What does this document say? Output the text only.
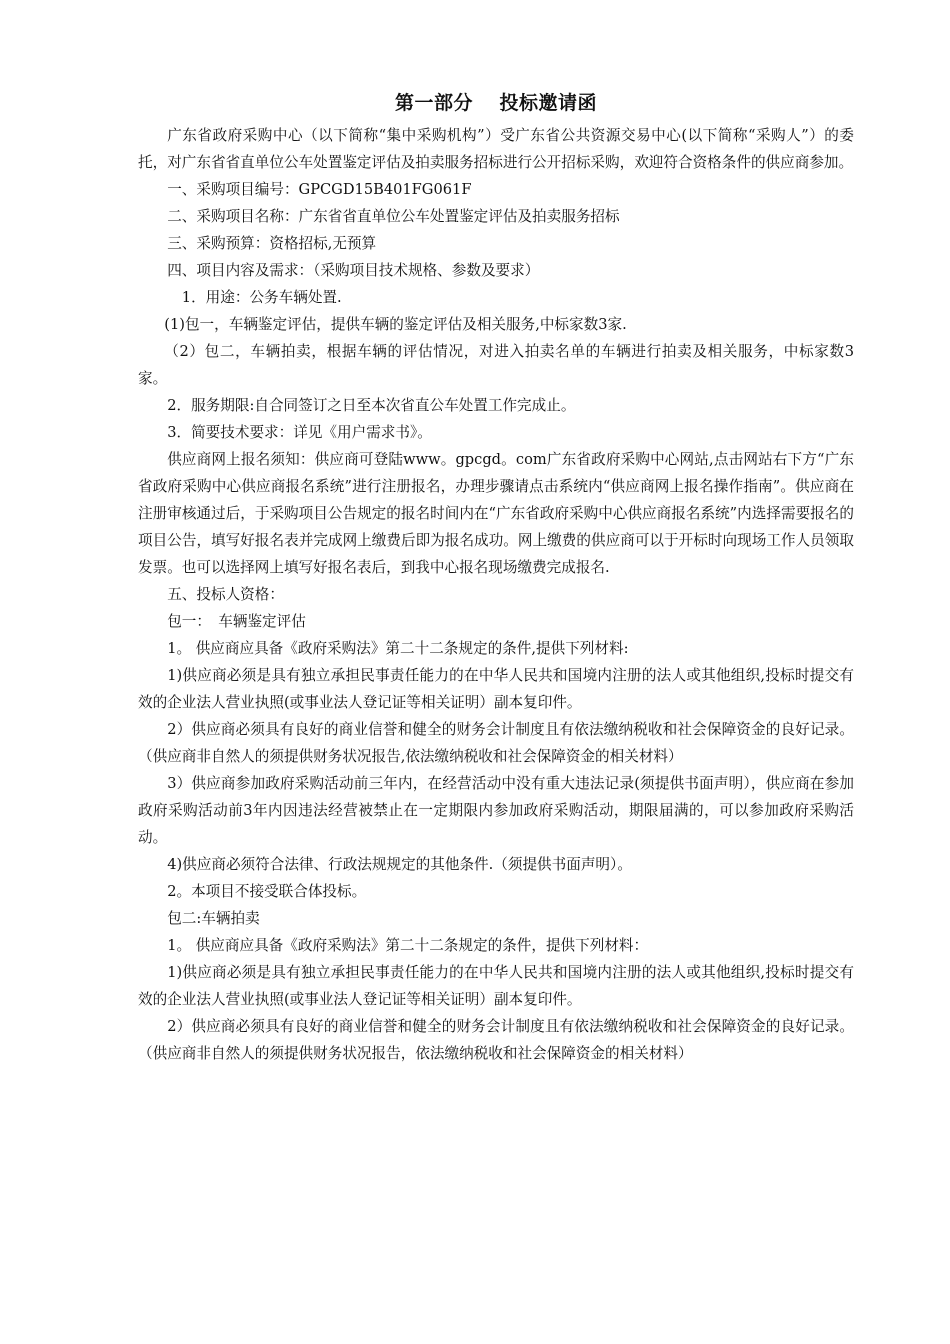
第一部分　 投标邀请函

广东省政府采购中心（以下简称“集中采购机构”）受广东省公共资源交易中心(以下简称“采购人”）的委托，对广东省省直单位公车处置鉴定评估及拍卖服务招标进行公开招标采购，欢迎符合资格条件的供应商参加。

一、采购项目编号：GPCGD15B401FG061F

二、采购项目名称：广东省省直单位公车处置鉴定评估及拍卖服务招标

三、采购预算：资格招标,无预算

四、项目内容及需求：（采购项目技术规格、参数及要求）

1．用途：公务车辆处置.

(1)包一，车辆鉴定评估，提供车辆的鉴定评估及相关服务,中标家数3家.

（2）包二，车辆拍卖，根据车辆的评估情况，对进入拍卖名单的车辆进行拍卖及相关服务，中标家数3家。

2．服务期限:自合同签订之日至本次省直公车处置工作完成止。

3．简要技术要求：详见《用户需求书》。

供应商网上报名须知：供应商可登陆www。gpcgd。com广东省政府采购中心网站,点击网站右下方“广东省政府采购中心供应商报名系统”进行注册报名，办理步骤请点击系统内“供应商网上报名操作指南”。供应商在注册审核通过后，于采购项目公告规定的报名时间内在“广东省政府采购中心供应商报名系统”内选择需要报名的项目公告，填写好报名表并完成网上缴费后即为报名成功。网上缴费的供应商可以于开标时向现场工作人员领取发票。也可以选择网上填写好报名表后，到我中心报名现场缴费完成报名.

五、投标人资格：

包一：　车辆鉴定评估

1。 供应商应具备《政府采购法》第二十二条规定的条件,提供下列材料:

1)供应商必须是具有独立承担民事责任能力的在中华人民共和国境内注册的法人或其他组织,投标时提交有效的企业法人营业执照(或事业法人登记证等相关证明）副本复印件。

2）供应商必须具有良好的商业信誉和健全的财务会计制度且有依法缴纳税收和社会保障资金的良好记录。（供应商非自然人的须提供财务状况报告,依法缴纳税收和社会保障资金的相关材料）

3）供应商参加政府采购活动前三年内，在经营活动中没有重大违法记录(须提供书面声明），供应商在参加政府采购活动前3年内因违法经营被禁止在一定期限内参加政府采购活动，期限届满的，可以参加政府采购活动。

4)供应商必须符合法律、行政法规规定的其他条件.（须提供书面声明）。

2。本项目不接受联合体投标。

包二:车辆拍卖

1。 供应商应具备《政府采购法》第二十二条规定的条件，提供下列材料：

1)供应商必须是具有独立承担民事责任能力的在中华人民共和国境内注册的法人或其他组织,投标时提交有效的企业法人营业执照(或事业法人登记证等相关证明）副本复印件。

2）供应商必须具有良好的商业信誉和健全的财务会计制度且有依法缴纳税收和社会保障资金的良好记录。（供应商非自然人的须提供财务状况报告，依法缴纳税收和社会保障资金的相关材料）
